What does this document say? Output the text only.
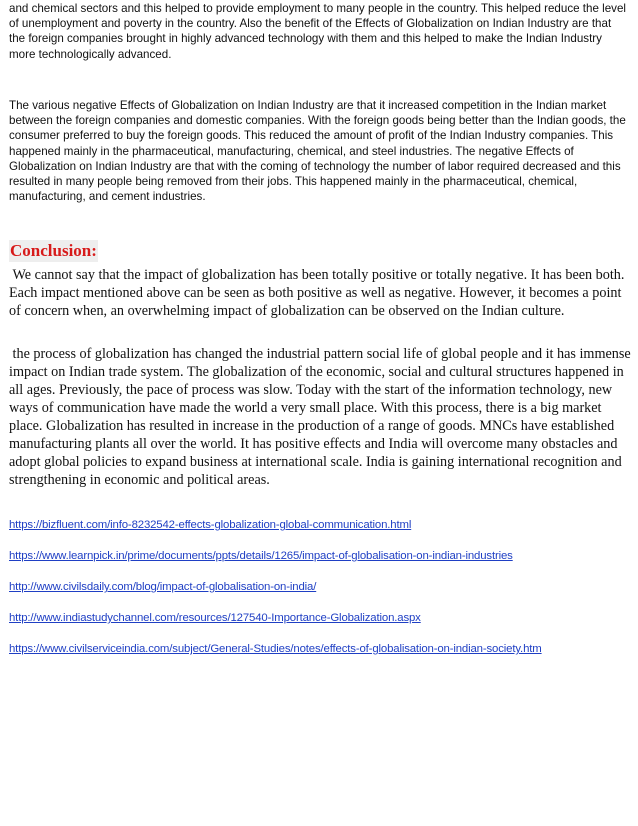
and chemical sectors and this helped to provide employment to many people in the country. This helped reduce the level of unemployment and poverty in the country. Also the benefit of the Effects of Globalization on Indian Industry are that the foreign companies brought in highly advanced technology with them and this helped to make the Indian Industry more technologically advanced.

The various negative Effects of Globalization on Indian Industry are that it increased competition in the Indian market between the foreign companies and domestic companies. With the foreign goods being better than the Indian goods, the consumer preferred to buy the foreign goods. This reduced the amount of profit of the Indian Industry companies. This happened mainly in the pharmaceutical, manufacturing, chemical, and steel industries. The negative Effects of Globalization on Indian Industry are that with the coming of technology the number of labor required decreased and this resulted in many people being removed from their jobs. This happened mainly in the pharmaceutical, chemical, manufacturing, and cement industries.

Conclusion:

We cannot say that the impact of globalization has been totally positive or totally negative. It has been both. Each impact mentioned above can be seen as both positive as well as negative. However, it becomes a point of concern when, an overwhelming impact of globalization can be observed on the Indian culture.

the process of globalization has changed the industrial pattern social life of global people and it has immense impact on Indian trade system. The globalization of the economic, social and cultural structures happened in all ages. Previously, the pace of process was slow. Today with the start of the information technology, new ways of communication have made the world a very small place. With this process, there is a big market place. Globalization has resulted in increase in the production of a range of goods. MNCs have established manufacturing plants all over the world. It has positive effects and India will overcome many obstacles and adopt global policies to expand business at international scale. India is gaining international recognition and strengthening in economic and political areas.

https://bizfluent.com/info-8232542-effects-globalization-global-communication.html
https://www.learnpick.in/prime/documents/ppts/details/1265/impact-of-globalisation-on-indian-industries
http://www.civilsdaily.com/blog/impact-of-globalisation-on-india/
http://www.indiastudychannel.com/resources/127540-Importance-Globalization.aspx
https://www.civilserviceindia.com/subject/General-Studies/notes/effects-of-globalisation-on-indian-society.htm
